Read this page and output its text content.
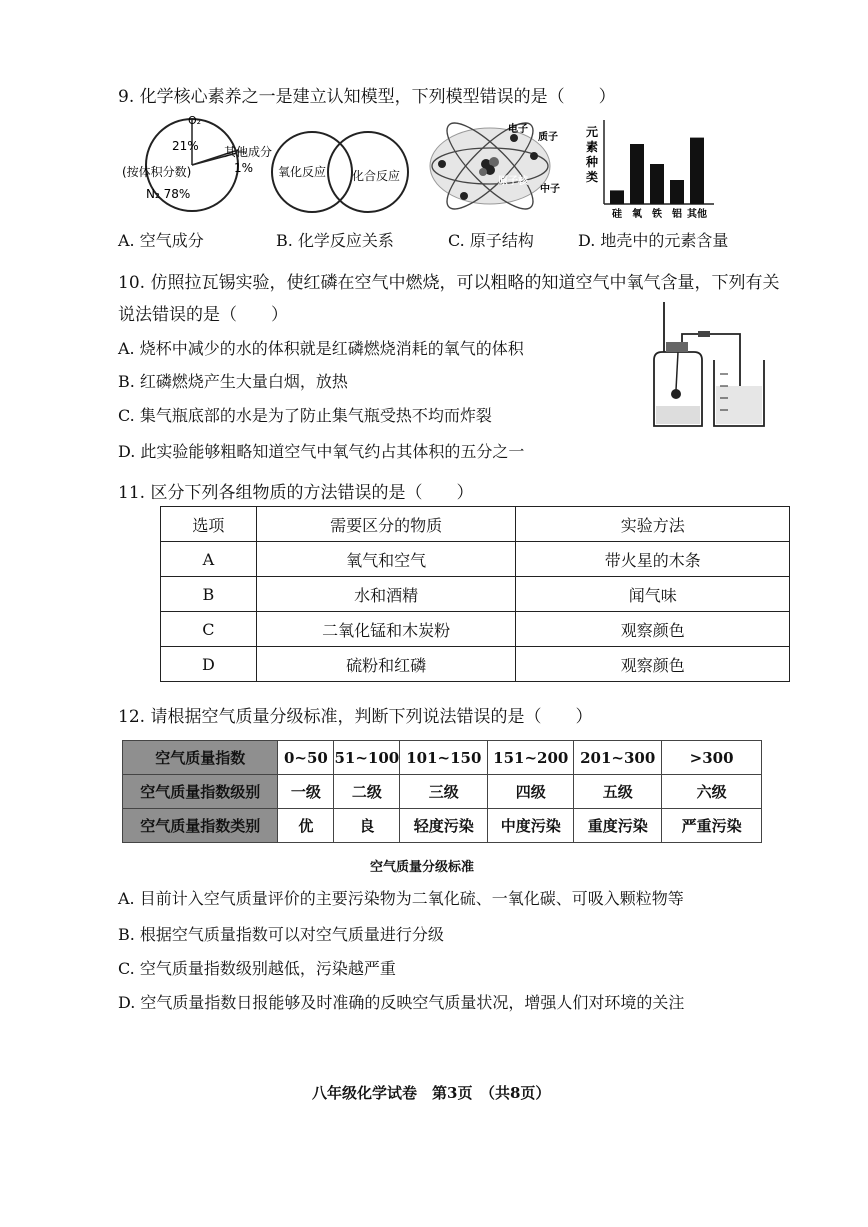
9. 化学核心素养之一是建立认知模型，下列模型错误的是（　　）
O₂
21% 其他成分
1%
(按体积分数)
N₂ 78%
氧化反应 化合反应
电子
质子
原子核
中子
元素种类
硅 氧 铁 铝 其他
A. 空气成分	B. 化学反应关系	C. 原子结构	D. 地壳中的元素含量
10. 仿照拉瓦锡实验，使红磷在空气中燃烧，可以粗略的知道空气中氧气含量，下列有关
说法错误的是（　　）
A. 烧杯中减少的水的体积就是红磷燃烧消耗的氧气的体积
B. 红磷燃烧产生大量白烟，放热
C. 集气瓶底部的水是为了防止集气瓶受热不均而炸裂
D. 此实验能够粗略知道空气中氧气约占其体积的五分之一
11. 区分下列各组物质的方法错误的是（　　）
选项	需要区分的物质	实验方法
A	氧气和空气	带火星的木条
B	水和酒精	闻气味
C	二氧化锰和木炭粉	观察颜色
D	硫粉和红磷	观察颜色
12. 请根据空气质量分级标准，判断下列说法错误的是（　　）
空气质量指数	0~50	51~100	101~150	151~200	201~300	>300
空气质量指数级别	一级	二级	三级	四级	五级	六级
空气质量指数类别	优	良	轻度污染	中度污染	重度污染	严重污染
空气质量分级标准
A. 目前计入空气质量评价的主要污染物为二氧化硫、一氧化碳、可吸入颗粒物等
B. 根据空气质量指数可以对空气质量进行分级
C. 空气质量指数级别越低，污染越严重
D. 空气质量指数日报能够及时准确的反映空气质量状况，增强人们对环境的关注
八年级化学试卷　第3页　（共8页）
